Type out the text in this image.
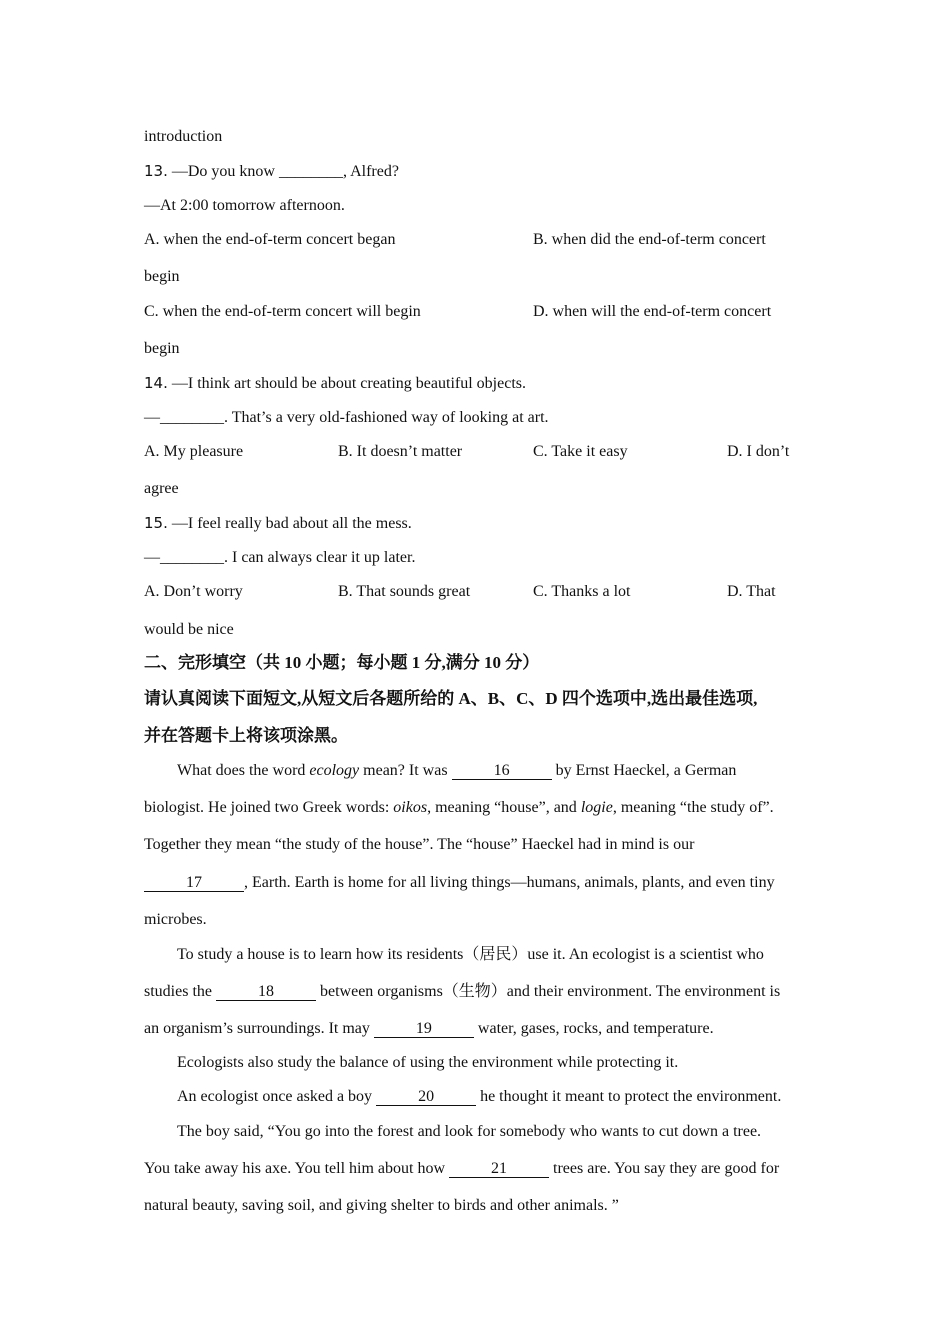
introduction
13. —Do you know ________, Alfred?
—At 2:00 tomorrow afternoon.
A. when the end-of-term concert began	B. when did the end-of-term concert
begin
C. when the end-of-term concert will begin	D. when will the end-of-term concert
begin
14. —I think art should be about creating beautiful objects.
—________. That’s a very old-fashioned way of looking at art.
A. My pleasure	B. It doesn’t matter	C. Take it easy	D. I don’t
agree
15. —I feel really bad about all the mess.
—________. I can always clear it up later.
A. Don’t worry	B. That sounds great	C. Thanks a lot	D. That
would be nice
二、完形填空（共 10 小题；每小题 1 分,满分 10 分）
请认真阅读下面短文,从短文后各题所给的 A、B、C、D 四个选项中,选出最佳选项,
并在答题卡上将该项涂黑。
What does the word ecology mean? It was	16	by Ernst Haeckel, a German
biologist. He joined two Greek words: oikos, meaning “house”, and logie, meaning “the study of”.
Together they mean “the study of the house”. The “house” Haeckel had in mind is our
17	, Earth. Earth is home for all living things—humans, animals, plants, and even tiny
microbes.
To study a house is to learn how its residents（居民）use it. An ecologist is a scientist who
studies the	18	between organisms（生物）and their environment. The environment is
an organism’s surroundings. It may	19	water, gases, rocks, and temperature.
Ecologists also study the balance of using the environment while protecting it.
An ecologist once asked a boy	20	he thought it meant to protect the environment.
The boy said, “You go into the forest and look for somebody who wants to cut down a tree.
You take away his axe. You tell him about how	21	trees are. You say they are good for
natural beauty, saving soil, and giving shelter to birds and other animals. ”
